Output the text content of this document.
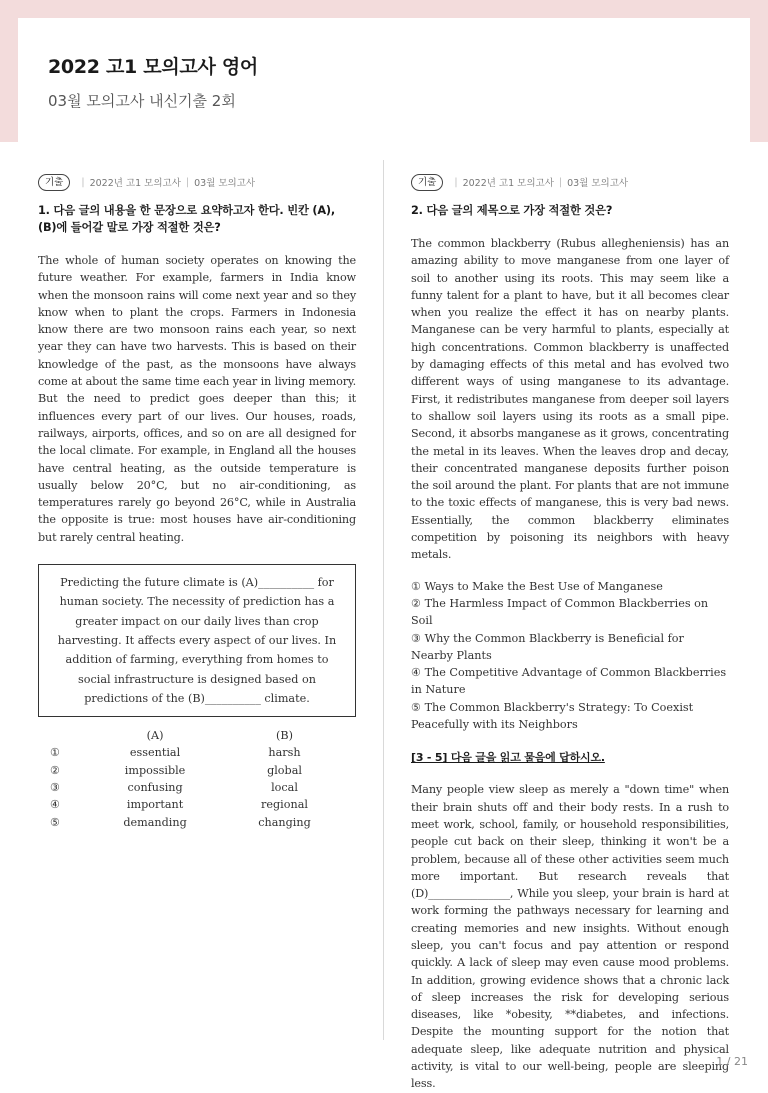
2022 고1 모의고사 영어
03월 모의고사 내신기출 2회
기출	| 2022년 고1 모의고사 | 03월 모의고사
1. 다음 글의 내용을 한 문장으로 요약하고자 한다. 빈칸 (A), (B)에 들어갈 말로 가장 적절한 것은?
The whole of human society operates on knowing the future weather. For example, farmers in India know when the monsoon rains will come next year and so they know when to plant the crops. Farmers in Indonesia know there are two monsoon rains each year, so next year they can have two harvests. This is based on their knowledge of the past, as the monsoons have always come at about the same time each year in living memory. But the need to predict goes deeper than this; it influences every part of our lives. Our houses, roads, railways, airports, offices, and so on are all designed for the local climate. For example, in England all the houses have central heating, as the outside temperature is usually below 20°C, but no air-conditioning, as temperatures rarely go beyond 26°C, while in Australia the opposite is true: most houses have air-conditioning but rarely central heating.
Predicting the future climate is (A)__________ for human society. The necessity of prediction has a greater impact on our daily lives than crop harvesting. It affects every aspect of our lives. In addition of farming, everything from homes to social infrastructure is designed based on predictions of the (B)__________ climate.
	(A)	(B)
①	essential	harsh
②	impossible	global
③	confusing	local
④	important	regional
⑤	demanding	changing
기출	| 2022년 고1 모의고사 | 03월 모의고사
2. 다음 글의 제목으로 가장 적절한 것은?
The common blackberry (Rubus allegheniensis) has an amazing ability to move manganese from one layer of soil to another using its roots. This may seem like a funny talent for a plant to have, but it all becomes clear when you realize the effect it has on nearby plants. Manganese can be very harmful to plants, especially at high concentrations. Common blackberry is unaffected by damaging effects of this metal and has evolved two different ways of using manganese to its advantage. First, it redistributes manganese from deeper soil layers to shallow soil layers using its roots as a small pipe. Second, it absorbs manganese as it grows, concentrating the metal in its leaves. When the leaves drop and decay, their concentrated manganese deposits further poison the soil around the plant. For plants that are not immune to the toxic effects of manganese, this is very bad news. Essentially, the common blackberry eliminates competition by poisoning its neighbors with heavy metals.
① Ways to Make the Best Use of Manganese
② The Harmless Impact of Common Blackberries on Soil
③ Why the Common Blackberry is Beneficial for Nearby Plants
④ The Competitive Advantage of Common Blackberries in Nature
⑤ The Common Blackberry's Strategy: To Coexist Peacefully with its Neighbors
[3 - 5] 다음 글을 읽고 물음에 답하시오.
Many people view sleep as merely a "down time" when their brain shuts off and their body rests. In a rush to meet work, school, family, or household responsibilities, people cut back on their sleep, thinking it won't be a problem, because all of these other activities seem much more important. But research reveals that (D)_______________, While you sleep, your brain is hard at work forming the pathways necessary for learning and creating memories and new insights. Without enough sleep, you can't focus and pay attention or respond quickly. A lack of sleep may even cause mood problems. In addition, growing evidence shows that a chronic lack of sleep increases the risk for developing serious diseases, like *obesity, **diabetes, and infections. Despite the mounting support for the notion that adequate sleep, like adequate nutrition and physical activity, is vital to our well-being, people are sleeping less.
1 / 21
